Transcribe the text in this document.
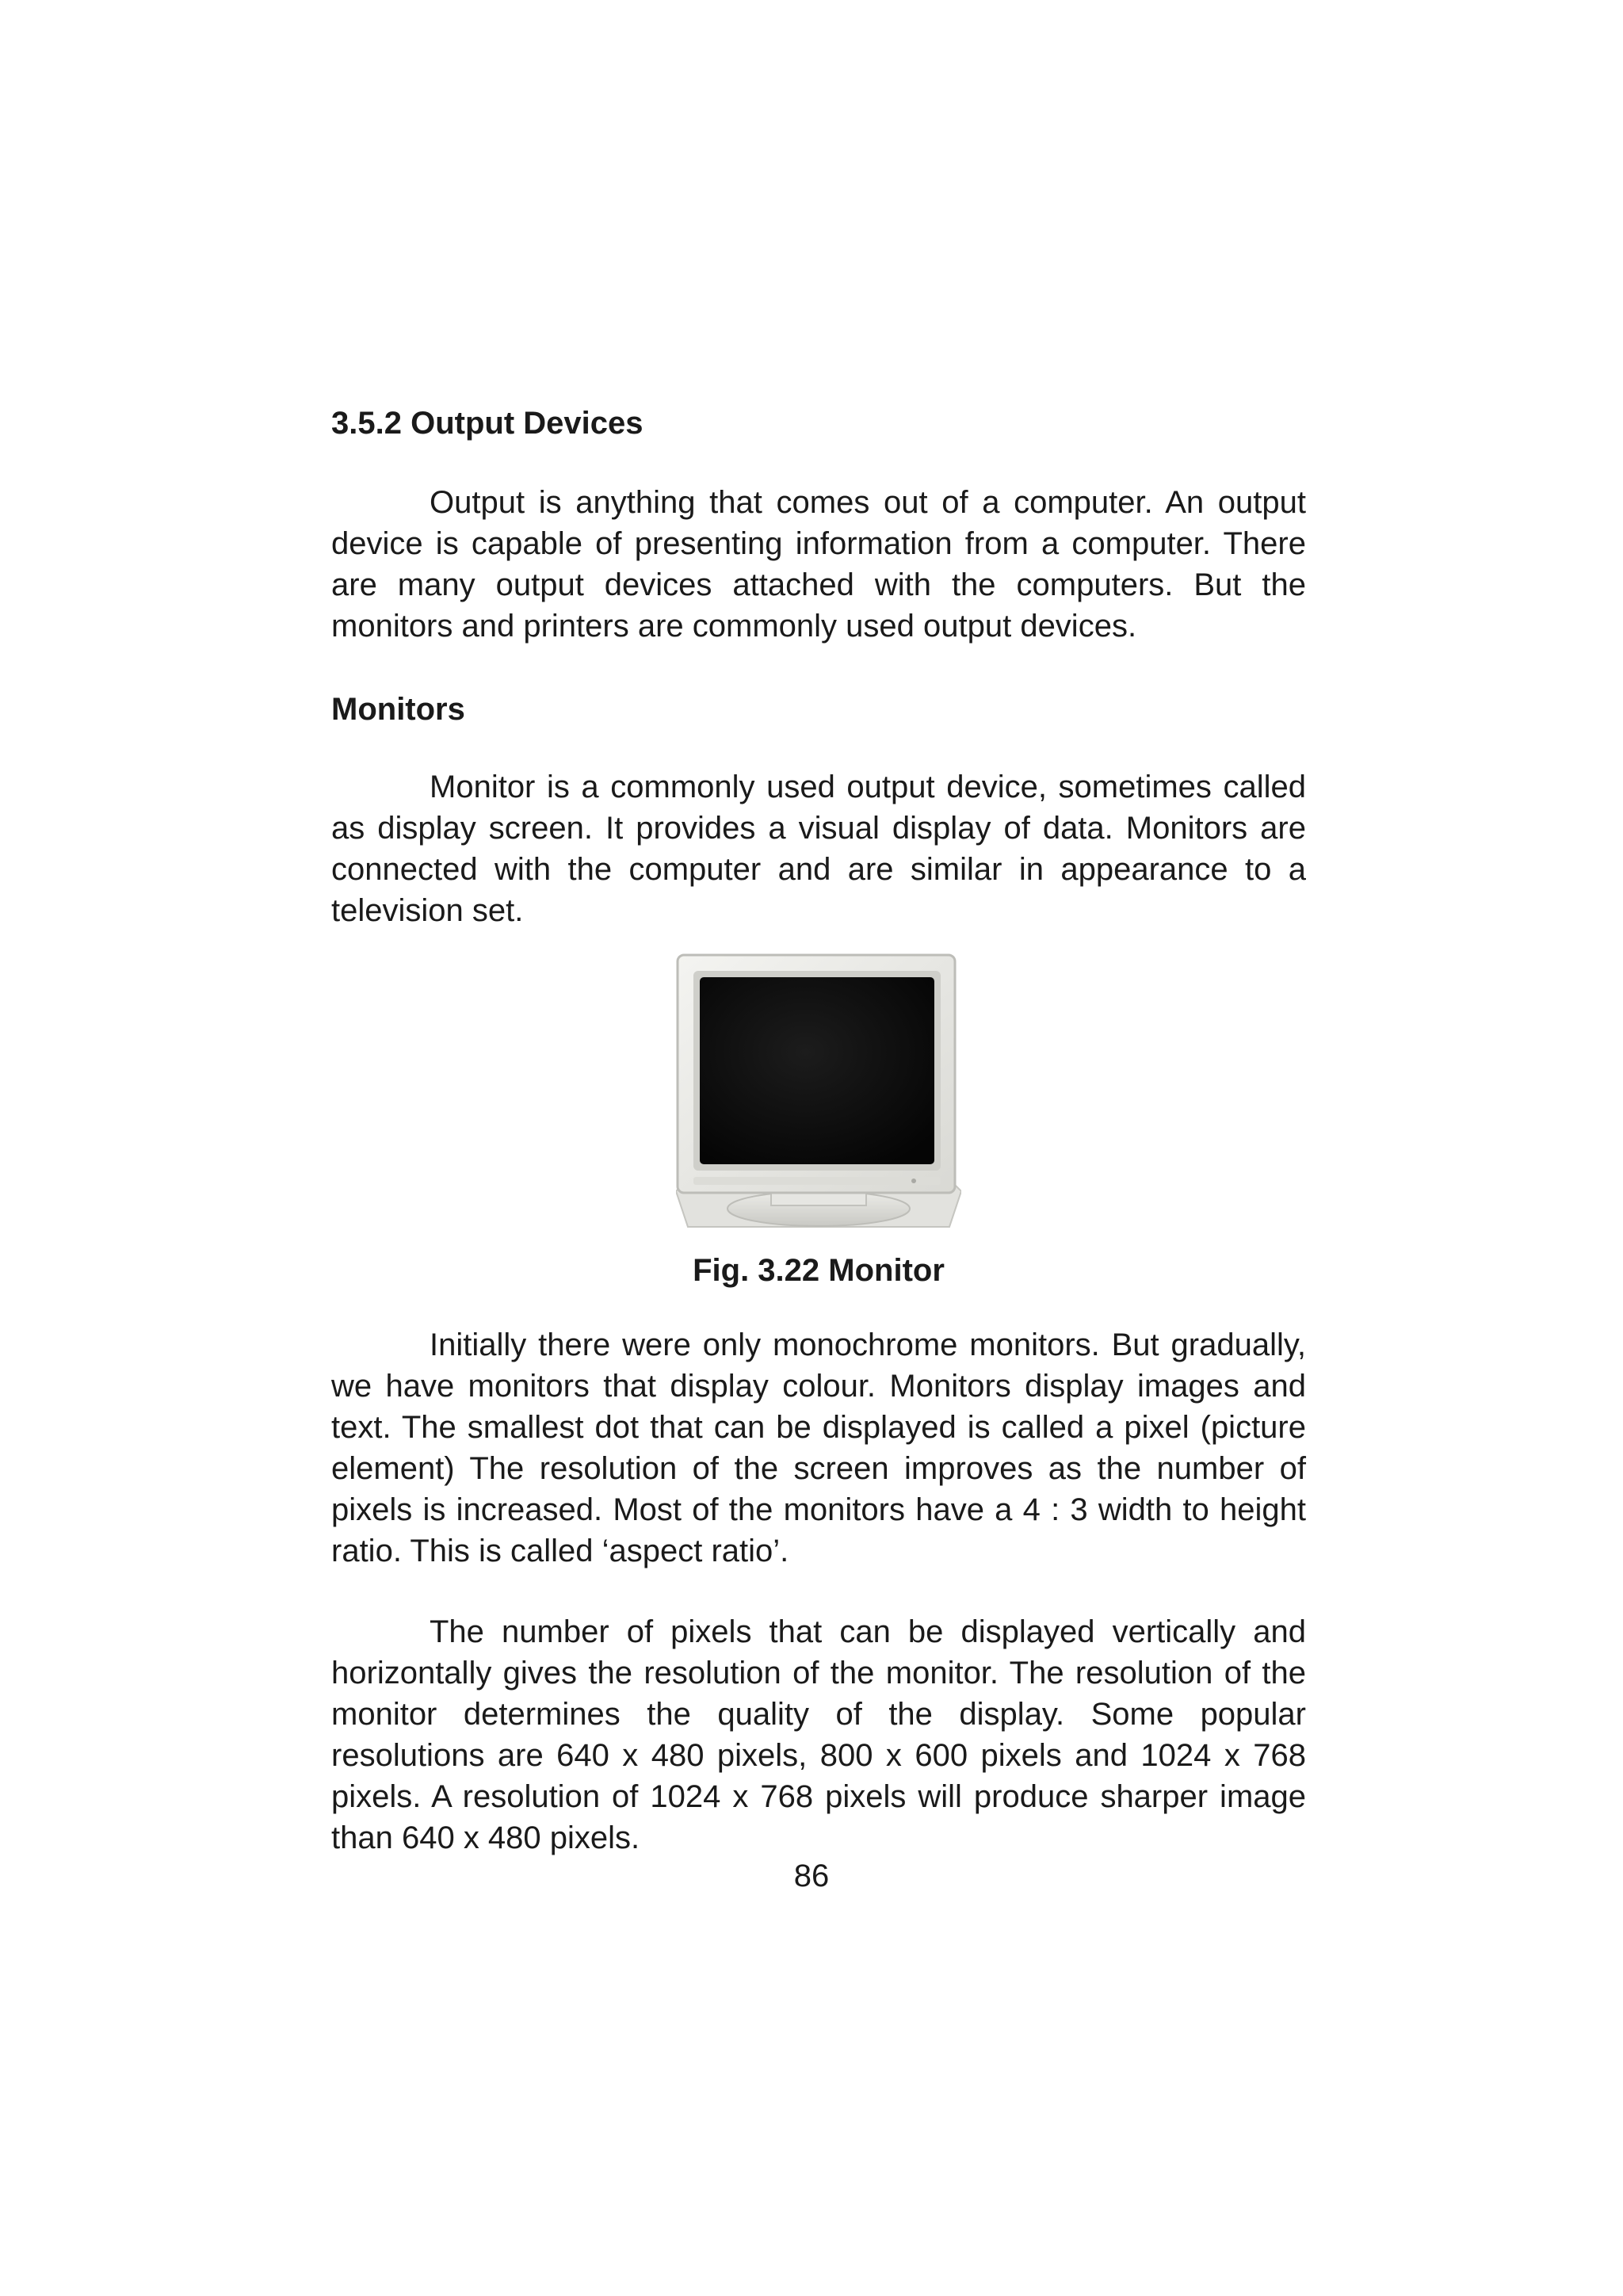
3.5.2 Output Devices

Output is anything that comes out of a computer. An output device is capable of presenting information from a computer. There are many output devices attached with the computers. But the monitors and printers are commonly used output devices.

Monitors

Monitor is a commonly used output device, sometimes called as display screen. It provides a visual display of data. Monitors are connected with the computer and are similar in appearance to a television set.

Fig. 3.22 Monitor

Initially there were only monochrome monitors. But gradually, we have monitors that display colour. Monitors display images and text. The smallest dot that can be displayed is called a pixel (picture element) The resolution of the screen improves as the number of pixels is increased. Most of the monitors have a 4 : 3 width to height ratio. This is called ‘aspect ratio’.

The number of pixels that can be displayed vertically and horizontally gives the resolution of the monitor. The resolution of the monitor determines the quality of the display. Some popular resolutions are 640 x 480 pixels, 800 x 600 pixels and 1024 x 768 pixels. A resolution of 1024 x 768 pixels will produce sharper image than 640 x 480 pixels.

86
